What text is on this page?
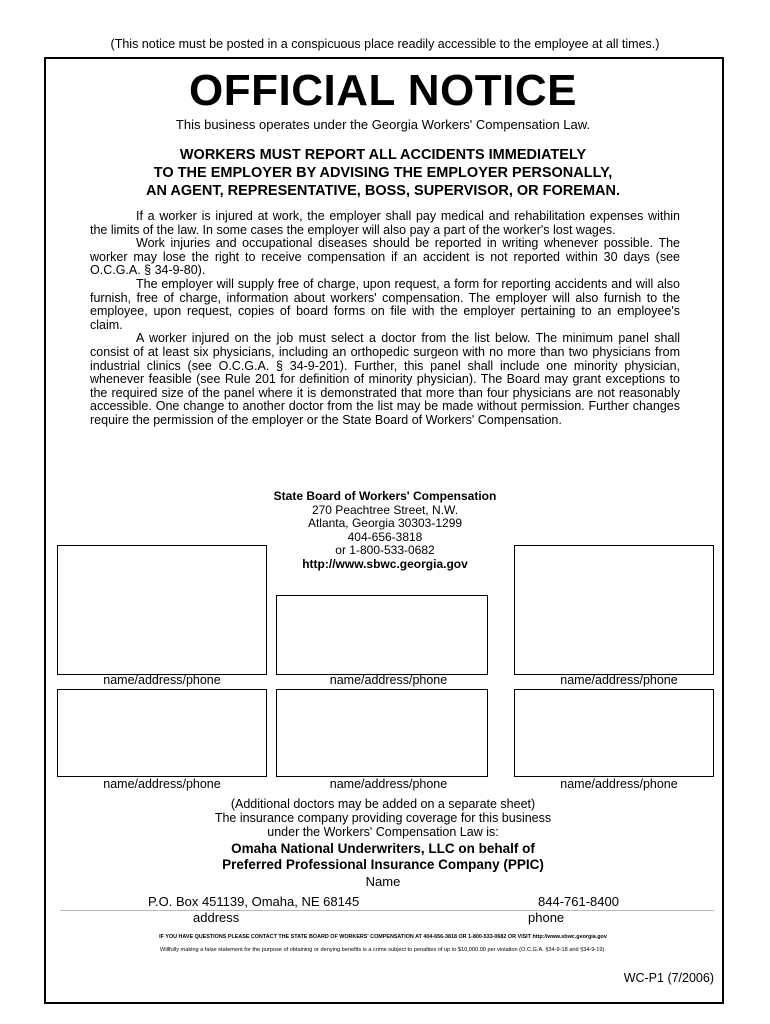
(This notice must be posted in a conspicuous place readily accessible to the employee at all times.)
OFFICIAL NOTICE
This business operates under the Georgia Workers' Compensation Law.
WORKERS MUST REPORT ALL ACCIDENTS IMMEDIATELY
TO THE EMPLOYER BY ADVISING THE EMPLOYER PERSONALLY,
AN AGENT, REPRESENTATIVE, BOSS, SUPERVISOR, OR FOREMAN.

If a worker is injured at work, the employer shall pay medical and rehabilitation expenses within the limits of the law. In some cases the employer will also pay a part of the worker's lost wages.

Work injuries and occupational diseases should be reported in writing whenever possible. The worker may lose the right to receive compensation if an accident is not reported within 30 days (see O.C.G.A. § 34-9-80).

The employer will supply free of charge, upon request, a form for reporting accidents and will also furnish, free of charge, information about workers' compensation. The employer will also furnish to the employee, upon request, copies of board forms on file with the employer pertaining to an employee's claim.

A worker injured on the job must select a doctor from the list below. The minimum panel shall consist of at least six physicians, including an orthopedic surgeon with no more than two physicians from industrial clinics (see O.C.G.A. § 34-9-201). Further, this panel shall include one minority physician, whenever feasible (see Rule 201 for definition of minority physician). The Board may grant exceptions to the required size of the panel where it is demonstrated that more than four physicians are not reasonably accessible. One change to another doctor from the list may be made without permission. Further changes require the permission of the employer or the State Board of Workers' Compensation.

State Board of Workers' Compensation
270 Peachtree Street, N.W.
Atlanta, Georgia 30303-1299
404-656-3818
or 1-800-533-0682
http://www.sbwc.georgia.gov
name/address/phone	name/address/phone	name/address/phone
name/address/phone	name/address/phone	name/address/phone
(Additional doctors may be added on a separate sheet)
The insurance company providing coverage for this business
under the Workers' Compensation Law is:
Omaha National Underwriters, LLC on behalf of
Preferred Professional Insurance Company (PPIC)
Name
P.O. Box 451139, Omaha, NE 68145	844-761-8400
address	phone
IF YOU HAVE QUESTIONS PLEASE CONTACT THE STATE BOARD OF WORKERS' COMPENSATION AT 404-656-3818 OR 1-800-533-0682 OR VISIT http://www.sbwc.georgia.gov
Willfully making a false statement for the purpose of obtaining or denying benefits is a crime subject to penalties of up to $10,000.00 per violation (O.C.G.A. §34-9-18 and §34-9-19).
WC-P1 (7/2006)
